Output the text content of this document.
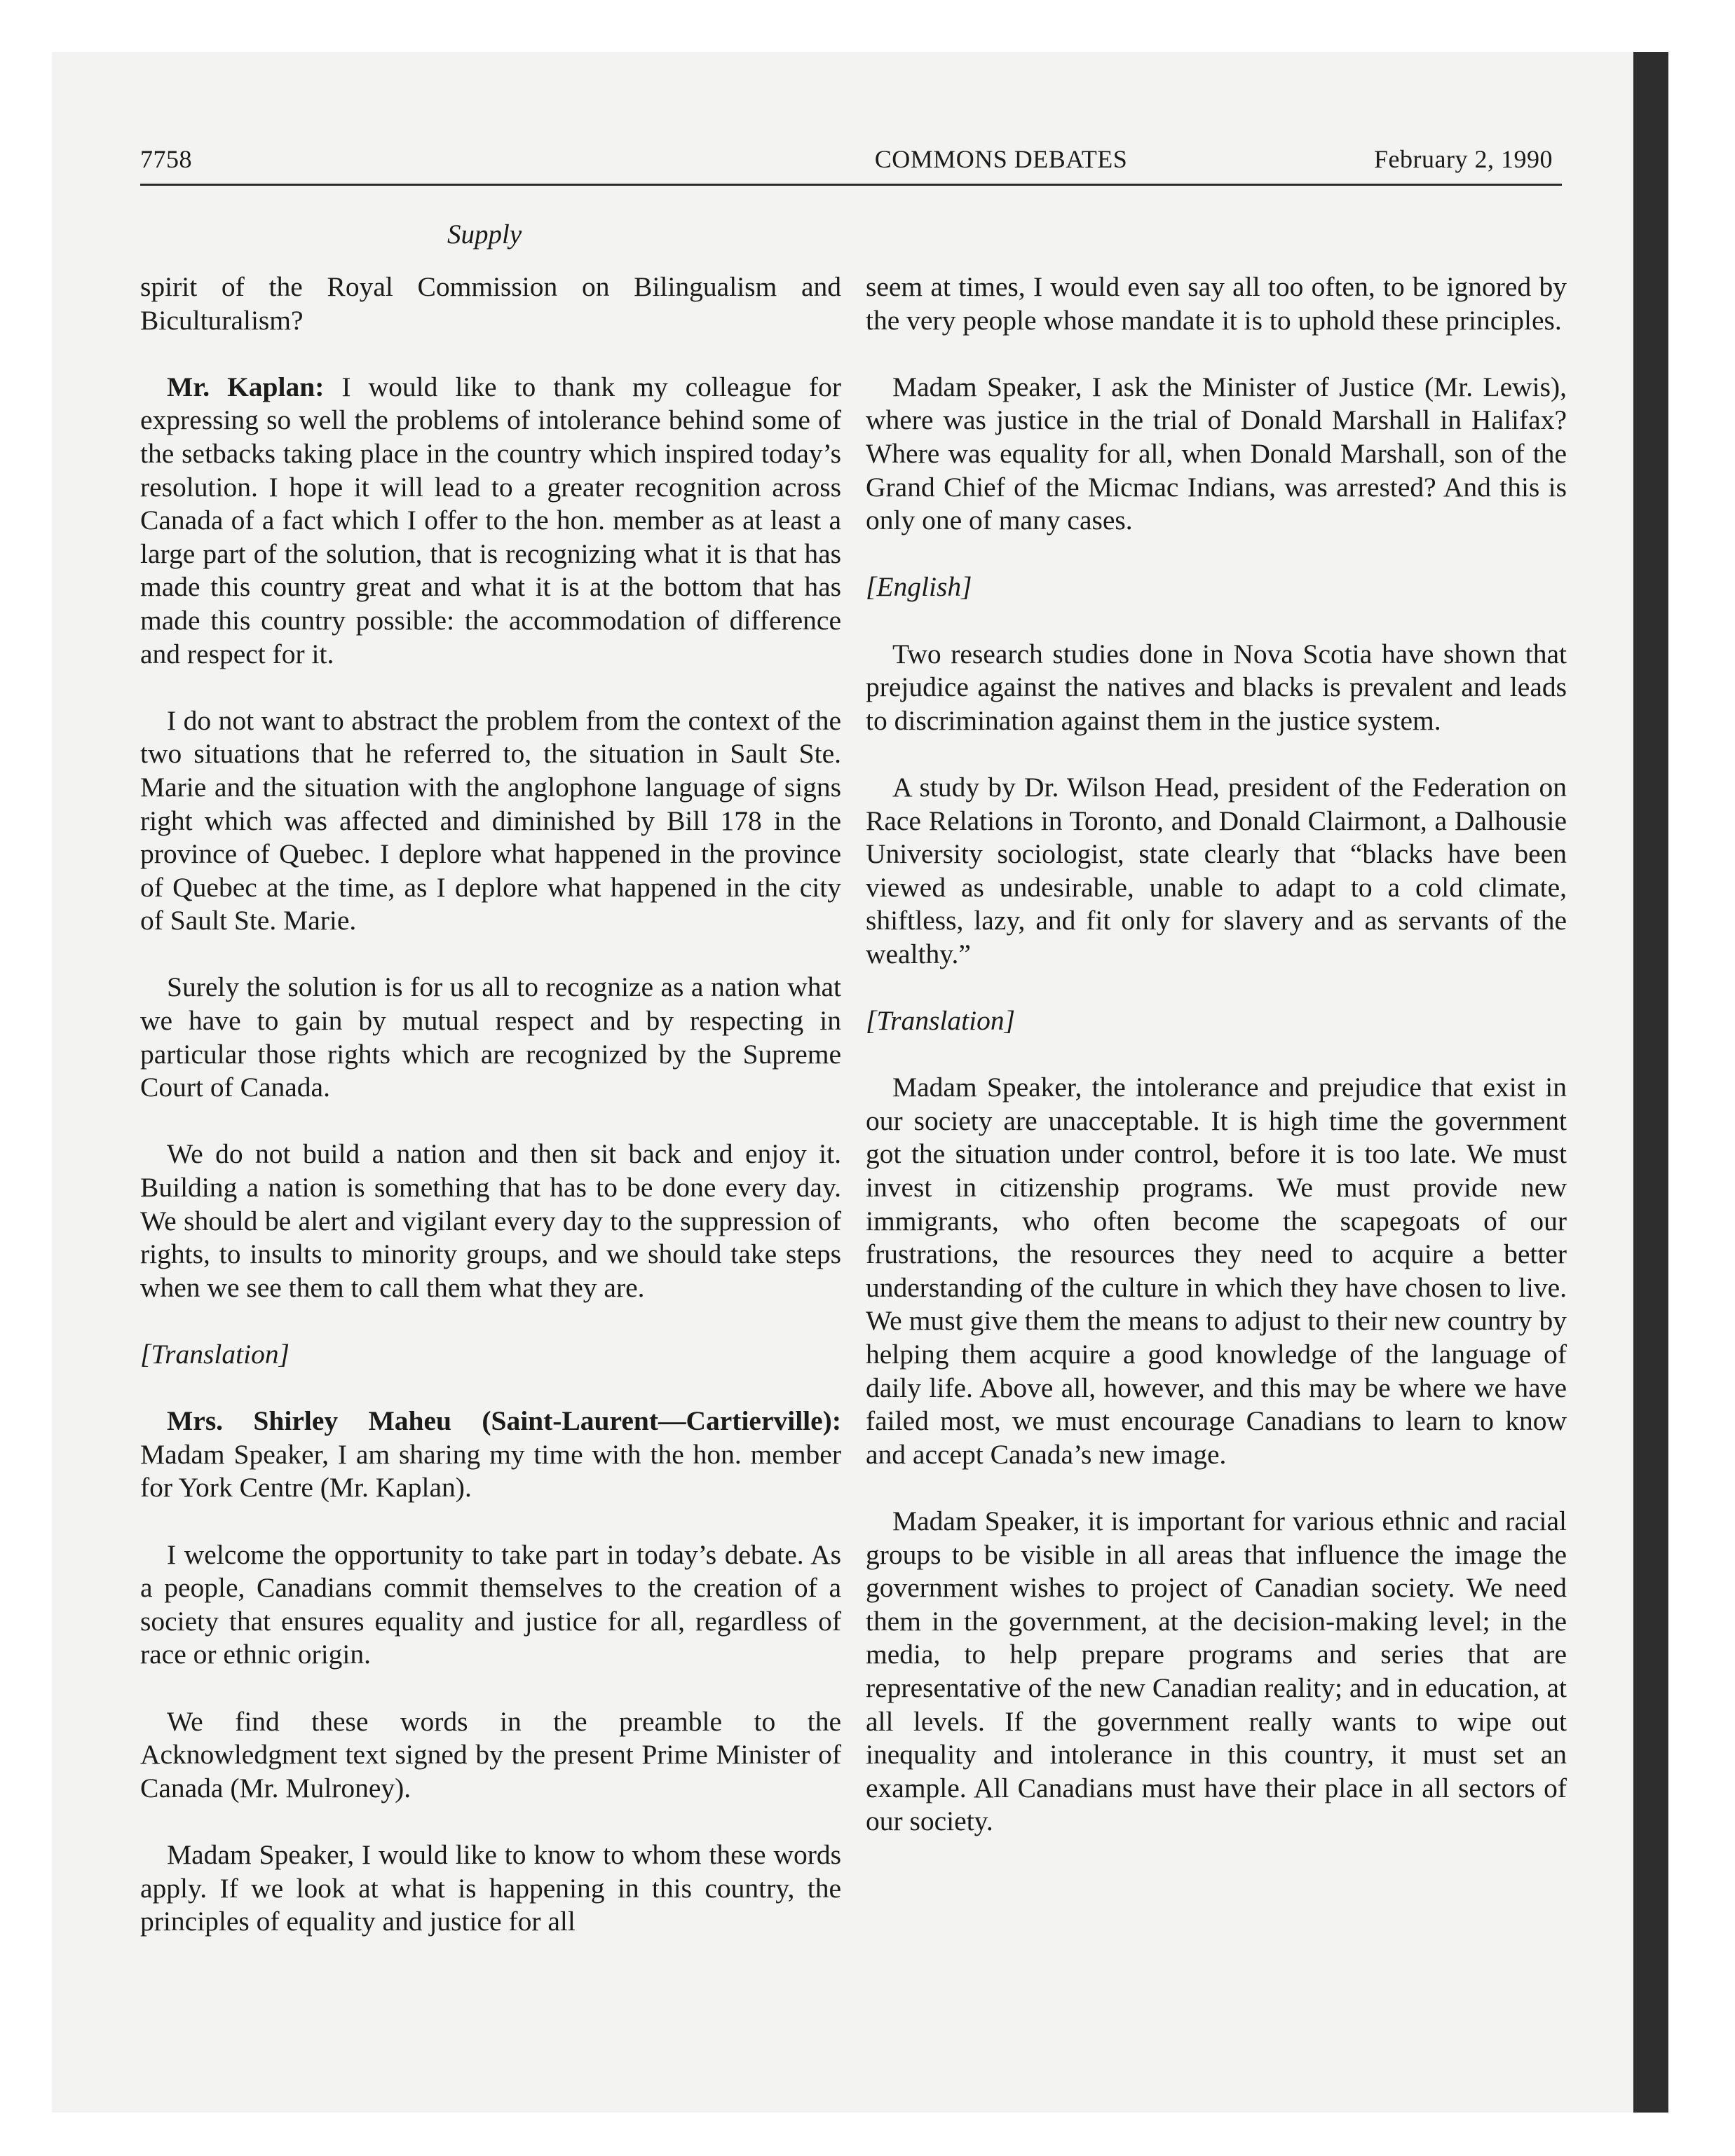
7758	COMMONS DEBATES	February 2, 1990
Supply

spirit of the Royal Commission on Bilingualism and Biculturalism?

Mr. Kaplan: I would like to thank my colleague for expressing so well the problems of intolerance behind some of the setbacks taking place in the country which inspired today’s resolution. I hope it will lead to a greater recognition across Canada of a fact which I offer to the hon. member as at least a large part of the solution, that is recognizing what it is that has made this country great and what it is at the bottom that has made this country possible: the accommodation of difference and respect for it.

I do not want to abstract the problem from the context of the two situations that he referred to, the situation in Sault Ste. Marie and the situation with the anglophone language of signs right which was affected and diminished by Bill 178 in the province of Quebec. I deplore what happened in the province of Quebec at the time, as I deplore what happened in the city of Sault Ste. Marie.

Surely the solution is for us all to recognize as a nation what we have to gain by mutual respect and by respecting in particular those rights which are recognized by the Supreme Court of Canada.

We do not build a nation and then sit back and enjoy it. Building a nation is something that has to be done every day. We should be alert and vigilant every day to the suppression of rights, to insults to minority groups, and we should take steps when we see them to call them what they are.

[Translation]

Mrs. Shirley Maheu (Saint-Laurent—Cartierville): Madam Speaker, I am sharing my time with the hon. member for York Centre (Mr. Kaplan).

I welcome the opportunity to take part in today’s debate. As a people, Canadians commit themselves to the creation of a society that ensures equality and justice for all, regardless of race or ethnic origin.

We find these words in the preamble to the Acknowledgment text signed by the present Prime Minister of Canada (Mr. Mulroney).

Madam Speaker, I would like to know to whom these words apply. If we look at what is happening in this country, the principles of equality and justice for all

seem at times, I would even say all too often, to be ignored by the very people whose mandate it is to uphold these principles.

Madam Speaker, I ask the Minister of Justice (Mr. Lewis), where was justice in the trial of Donald Marshall in Halifax? Where was equality for all, when Donald Marshall, son of the Grand Chief of the Micmac Indians, was arrested? And this is only one of many cases.

[English]

Two research studies done in Nova Scotia have shown that prejudice against the natives and blacks is prevalent and leads to discrimination against them in the justice system.

A study by Dr. Wilson Head, president of the Federation on Race Relations in Toronto, and Donald Clairmont, a Dalhousie University sociologist, state clearly that “blacks have been viewed as undesirable, unable to adapt to a cold climate, shiftless, lazy, and fit only for slavery and as servants of the wealthy.”

[Translation]

Madam Speaker, the intolerance and prejudice that exist in our society are unacceptable. It is high time the government got the situation under control, before it is too late. We must invest in citizenship programs. We must provide new immigrants, who often become the scapegoats of our frustrations, the resources they need to acquire a better understanding of the culture in which they have chosen to live. We must give them the means to adjust to their new country by helping them acquire a good knowledge of the language of daily life. Above all, however, and this may be where we have failed most, we must encourage Canadians to learn to know and accept Canada’s new image.

Madam Speaker, it is important for various ethnic and racial groups to be visible in all areas that influence the image the government wishes to project of Canadian society. We need them in the government, at the decision-making level; in the media, to help prepare programs and series that are representative of the new Canadian reality; and in education, at all levels. If the government really wants to wipe out inequality and intolerance in this country, it must set an example. All Canadians must have their place in all sectors of our society.
